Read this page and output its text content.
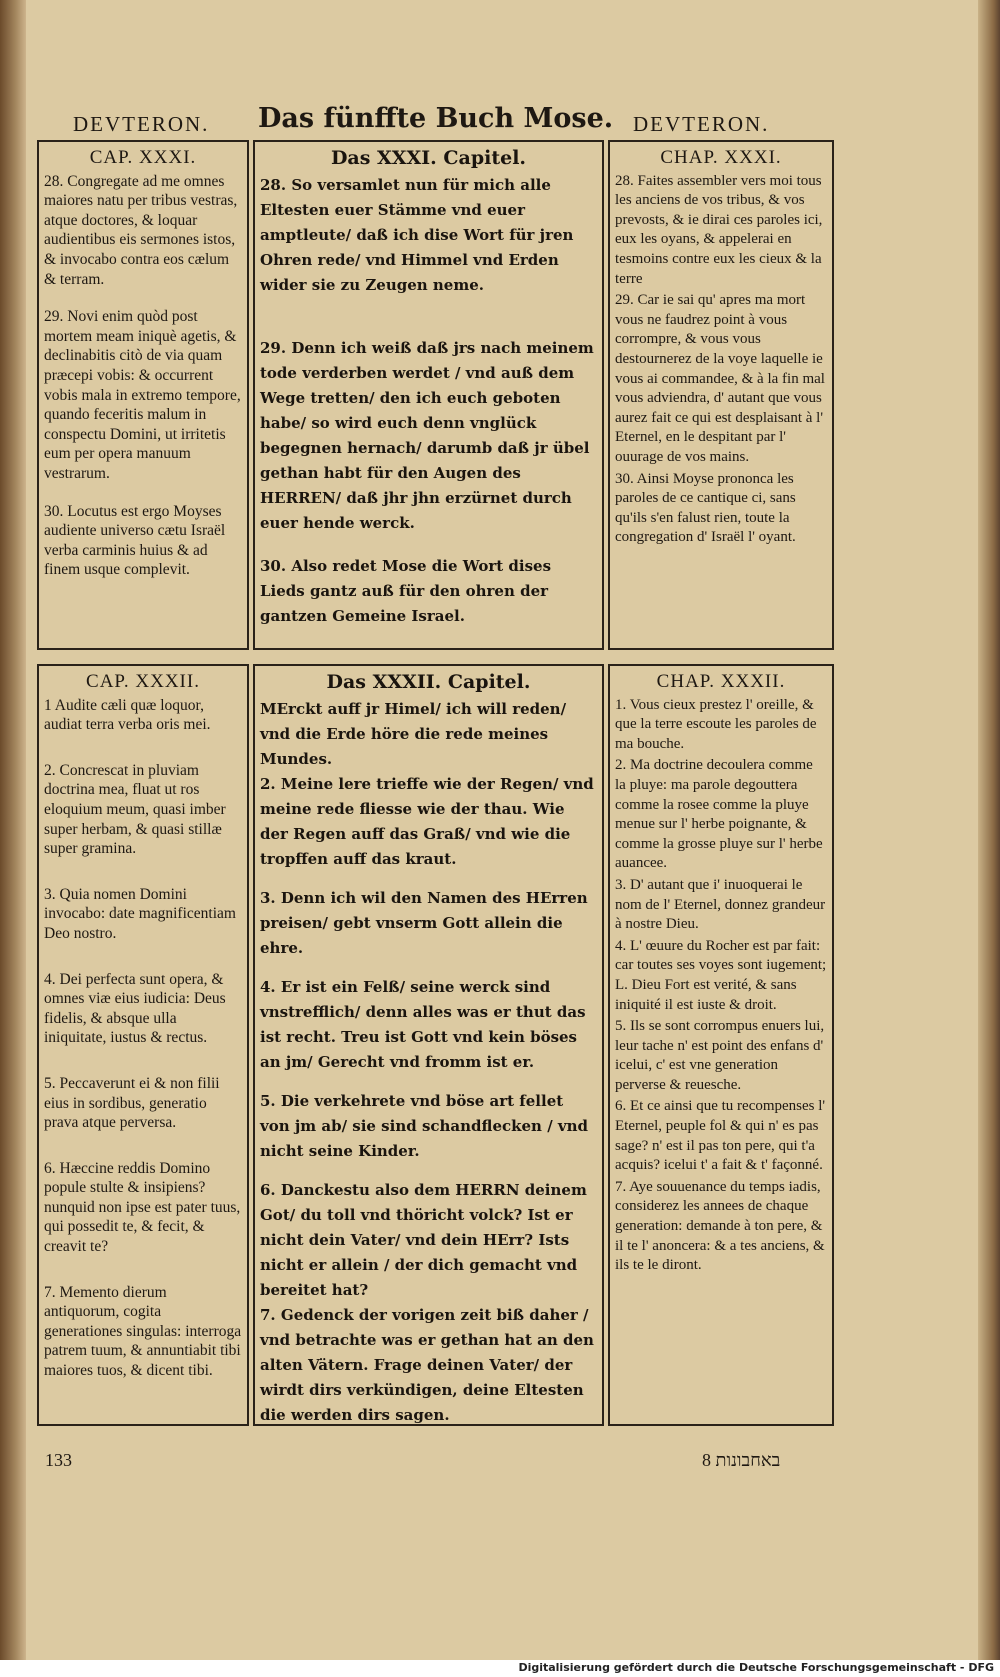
DEVTERON. Das fünffte Buch Mose. DEVTERON.
CAP. XXXI.
28. Congregate ad me omnes maiores natu per tribus vestras, atque doctores, & loquar audientibus eis sermones istos, & invocabo contra eos cælum & terram.
29. Novi enim quòd post mortem meam iniquè agetis, & declinabitis citò de via quam præcepi vobis: & occurrent vobis mala in extremo tempore, quando feceritis malum in conspectu Domini, ut irritetis eum per opera manuum vestrarum.
30. Locutus est ergo Moyses audiente universo cætu Israël verba carminis huius & ad finem usque complevit.
Das XXXI. Capitel.
28. So versamlet nun für mich alle Eltesten euer Stämme vnd euer amptleute/ daß ich dise Wort für jren Ohren rede/ vnd Himmel vnd Erden wider sie zu Zeugen neme.
29. Denn ich weiß daß jrs nach meinem tode verderben werdet / vnd auß dem Wege tretten/ den ich euch geboten habe/ so wird euch denn vnglück begegnen hernach/ darumb daß jr übel gethan habt für den Augen des HERREN/ daß jhr jhn erzürnet durch euer hende werck.
30. Also redet Mose die Wort dises Lieds gantz auß für den ohren der gantzen Gemeine Israel.
CHAP. XXXI.
28. Faites assembler vers moi tous les anciens de vos tribus, & vos prevosts, & ie dirai ces paroles ici, eux les oyans, & appelerai en tesmoins contre eux les cieux & la terre
29. Car ie sai qu' apres ma mort vous ne faudrez point à vous corrompre, & vous vous destournerez de la voye laquelle ie vous ai commandee, & à la fin mal vous adviendra, d' autant que vous aurez fait ce qui est desplaisant à l' Eternel, en le despitant par l' ouurage de vos mains.
30. Ainsi Moyse prononca les paroles de ce cantique ci, sans qu'ils s'en falust rien, toute la congregation d' Israël l' oyant.
CAP. XXXII.
1 Audite cæli quæ loquor, audiat terra verba oris mei.
2. Concrescat in pluviam doctrina mea, fluat ut ros eloquium meum, quasi imber super herbam, & quasi stillæ super gramina.
3. Quia nomen Domini invocabo: date magnificentiam Deo nostro.
4. Dei perfecta sunt opera, & omnes viæ eius iudicia: Deus fidelis, & absque ulla iniquitate, iustus & rectus.
5. Peccaverunt ei & non filii eius in sordibus, generatio prava atque perversa.
6. Hæccine reddis Domino popule stulte & insipiens? nunquid non ipse est pater tuus, qui possedit te, & fecit, & creavit te?
7. Memento dierum antiquorum, cogita generationes singulas: interroga patrem tuum, & annuntiabit tibi maiores tuos, & dicent tibi.
Das XXXII. Capitel.
MErckt auff jr Himel/ ich will reden/ vnd die Erde höre die rede meines Mundes.
2. Meine lere trieffe wie der Regen/ vnd meine rede fliesse wie der thau. Wie der Regen auff das Graß/ vnd wie die tropffen auff das kraut.
3. Denn ich wil den Namen des HErren preisen/ gebt vnserm Gott allein die ehre.
4. Er ist ein Felß/ seine werck sind vnstrefflich/ denn alles was er thut das ist recht. Treu ist Gott vnd kein böses an jm/ Gerecht vnd fromm ist er.
5. Die verkehrete vnd böse art fellet von jm ab/ sie sind schandflecken / vnd nicht seine Kinder.
6. Danckestu also dem HERRN deinem Got/ du toll vnd thöricht volck? Ist er nicht dein Vater/ vnd dein HErr? Ists nicht er allein / der dich gemacht vnd bereitet hat?
7. Gedenck der vorigen zeit biß daher / vnd betrachte was er gethan hat an den alten Vätern. Frage deinen Vater/ der wirdt dirs verkündigen, deine Eltesten die werden dirs sagen.
CHAP. XXXII.
1. Vous cieux prestez l' oreille, & que la terre escoute les paroles de ma bouche.
2. Ma doctrine decoulera comme la pluye: ma parole degouttera comme la rosee comme la pluye menue sur l' herbe poignante, & comme la grosse pluye sur l' herbe auancee.
3. D' autant que i' inuoquerai le nom de l' Eternel, donnez grandeur à nostre Dieu.
4. L' œuure du Rocher est par fait: car toutes ses voyes sont iugement; L. Dieu Fort est verité, & sans iniquité il est iuste & droit.
5. Ils se sont corrompus enuers lui, leur tache n' est point des enfans d' icelui, c' est vne generation perverse & reuesche.
6. Et ce ainsi que tu recompenses l' Eternel, peuple fol & qui n' es pas sage? n' est il pas ton pere, qui t'a acquis? icelui t' a fait & t' façonné.
7. Aye souuenance du temps iadis, considerez les annees de chaque generation: demande à ton pere, & il te l' anoncera: & a tes anciens, & ils te le diront.
133	באחבונות 8
Digitalisierung gefördert durch die Deutsche Forschungsgemeinschaft - DFG
